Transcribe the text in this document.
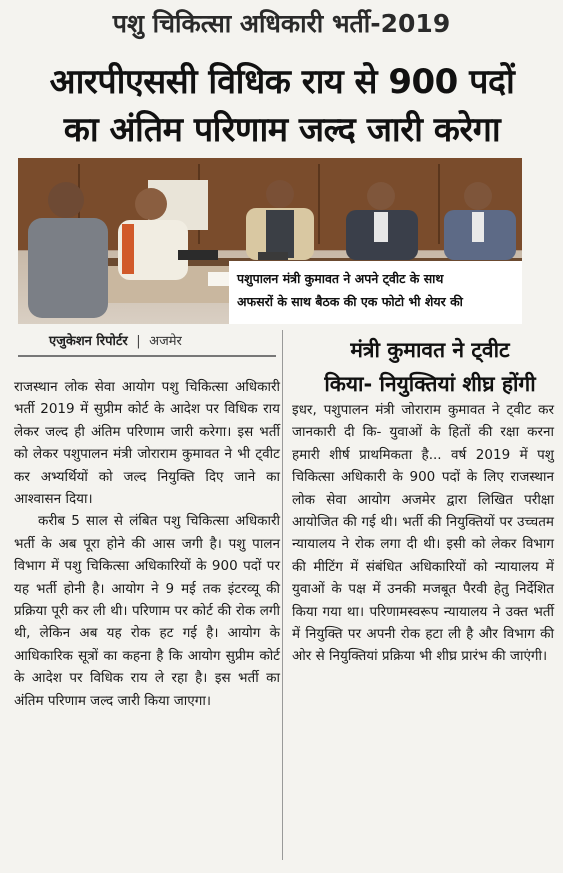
पशु चिकित्सा अधिकारी भर्ती-2019
आरपीएससी विधिक राय से 900 पदों
का अंतिम परिणाम जल्द जारी करेगा
पशुपालन मंत्री कुमावत ने अपने ट्वीट के साथ
अफसरों के साथ बैठक की एक फोटो भी शेयर की
एजुकेशन रिपोर्टर | अजमेर	मंत्री कुमावत ने ट्वीट
किया- नियुक्तियां शीघ्र होंगी

राजस्थान लोक सेवा आयोग पशु चिकित्सा अधिकारी भर्ती 2019 में सुप्रीम कोर्ट के आदेश पर विधिक राय लेकर जल्द ही अंतिम परिणाम जारी करेगा। इस भर्ती को लेकर पशुपालन मंत्री जोराराम कुमावत ने भी ट्वीट कर अभ्यर्थियों को जल्द नियुक्ति दिए जाने का आश्वासन दिया।

करीब 5 साल से लंबित पशु चिकित्सा अधिकारी भर्ती के अब पूरा होने की आस जगी है। पशु पालन विभाग में पशु चिकित्सा अधिकारियों के 900 पदों पर यह भर्ती होनी है। आयोग ने 9 मई तक इंटरव्यू की प्रक्रिया पूरी कर ली थी। परिणाम पर कोर्ट की रोक लगी थी, लेकिन अब यह रोक हट गई है। आयोग के आधिकारिक सूत्रों का कहना है कि आयोग सुप्रीम कोर्ट के आदेश पर विधिक राय ले रहा है। इस भर्ती का अंतिम परिणाम जल्द जारी किया जाएगा।

इधर, पशुपालन मंत्री जोराराम कुमावत ने ट्वीट कर जानकारी दी कि- युवाओं के हितों की रक्षा करना हमारी शीर्ष प्राथमिकता है... वर्ष 2019 में पशु चिकित्सा अधिकारी के 900 पदों के लिए राजस्थान लोक सेवा आयोग अजमेर द्वारा लिखित परीक्षा आयोजित की गई थी। भर्ती की नियुक्तियों पर उच्चतम न्यायालय ने रोक लगा दी थी। इसी को लेकर विभाग की मीटिंग में संबंधित अधिकारियों को न्यायालय में युवाओं के पक्ष में उनकी मजबूत पैरवी हेतु निर्देशित किया गया था। परिणामस्वरूप न्यायालय ने उक्त भर्ती में नियुक्ति पर अपनी रोक हटा ली है और विभाग की ओर से नियुक्तियां प्रक्रिया भी शीघ्र प्रारंभ की जाएंगी।
